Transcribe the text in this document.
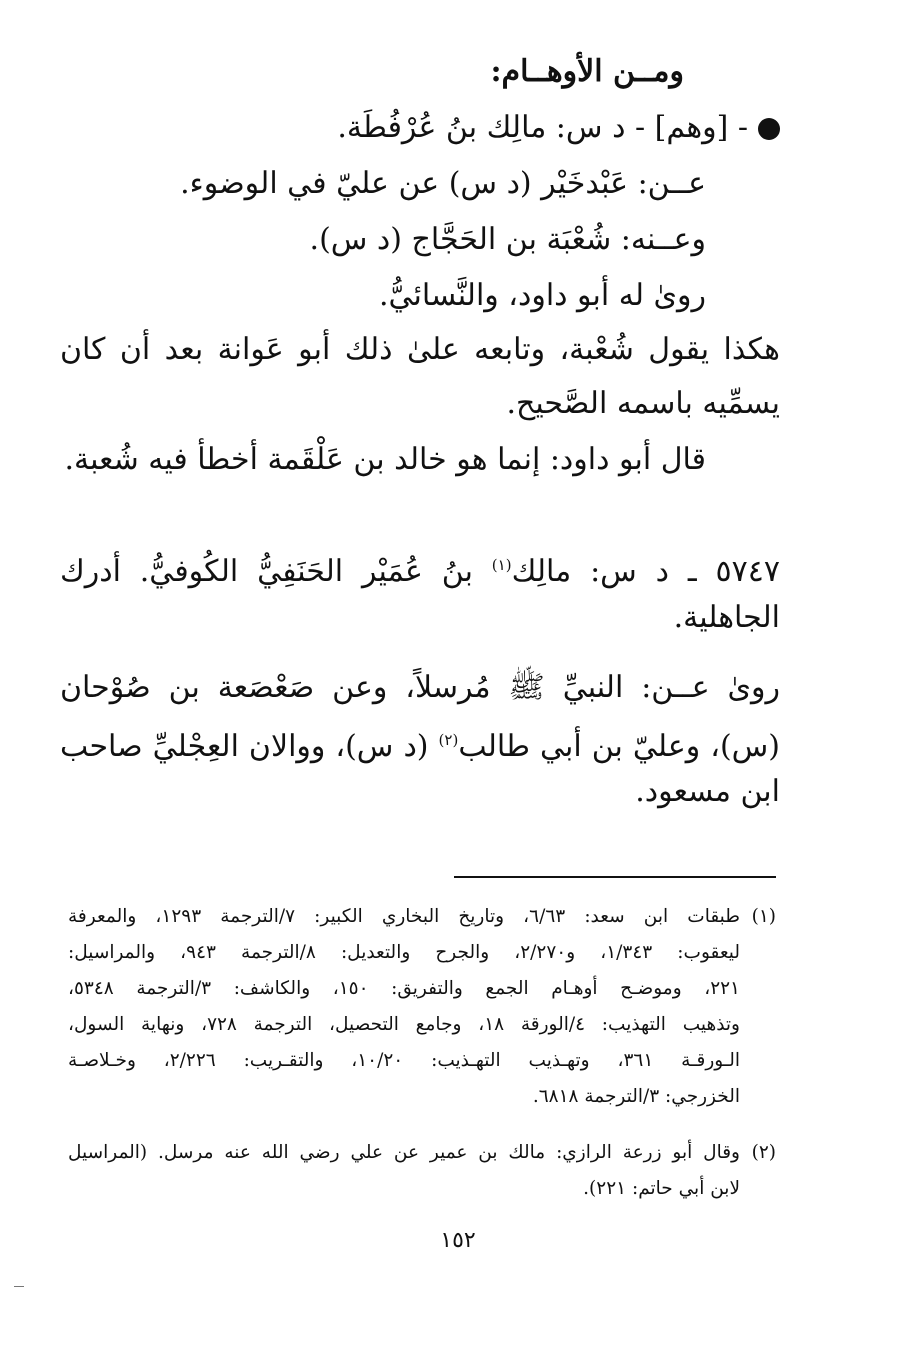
ومــن الأوهــام:
- [وهم] - د س: مالِك بنُ عُرْفُطَة.
عــن: عَبْدخَيْر (د س) عن عليّ في الوضوء.
وعــنه: شُعْبَة بن الحَجَّاج (د س).
روىٰ له أبو داود، والنَّسائيُّ.
هكذا يقول شُعْبة، وتابعه علىٰ ذلك أبو عَوانة بعد أن كان
يسمِّيه باسمه الصَّحيح.
قال أبو داود: إنما هو خالد بن عَلْقَمة أخطأ فيه شُعبة.
٥٧٤٧ ـ د س: مالِك$^{(١)}$ بنُ عُمَيْر الحَنَفِيُّ الكُوفيُّ. أدرك
الجاهلية.
روىٰ عــن: النبيِّ ﷺ مُرسلاً، وعن صَعْصَعة بن صُوْحان
(س)، وعليّ بن أبي طالب$^{(٢)}$ (د س)، ووالان العِجْليِّ صاحب
ابن مسعود.
(١)
طبقات ابن سعد: ٦/٦٣، وتاريخ البخاري الكبير: ٧/الترجمة ١٢٩٣، والمعرفة
ليعقوب: ١/٣٤٣، و٢/٢٧٠، والجرح والتعديل: ٨/الترجمة ٩٤٣، والمراسيل:
٢٢١، وموضـح أوهـام الجمع والتفريق: ١٥٠، والكاشف: ٣/الترجمة ٥٣٤٨،
وتذهيب التهذيب: ٤/الورقة ١٨، وجامع التحصيل، الترجمة ٧٢٨، ونهاية السول،
الـورقـة ٣٦١، وتهـذيب التهـذيب: ١٠/٢٠، والتقـريب: ٢/٢٢٦، وخـلاصـة
الخزرجي: ٣/الترجمة ٦٨١٨.
(٢)
وقال أبو زرعة الرازي: مالك بن عمير عن علي رضي الله عنه مرسل. (المراسيل
لابن أبي حاتم: ٢٢١).
١٥٢
